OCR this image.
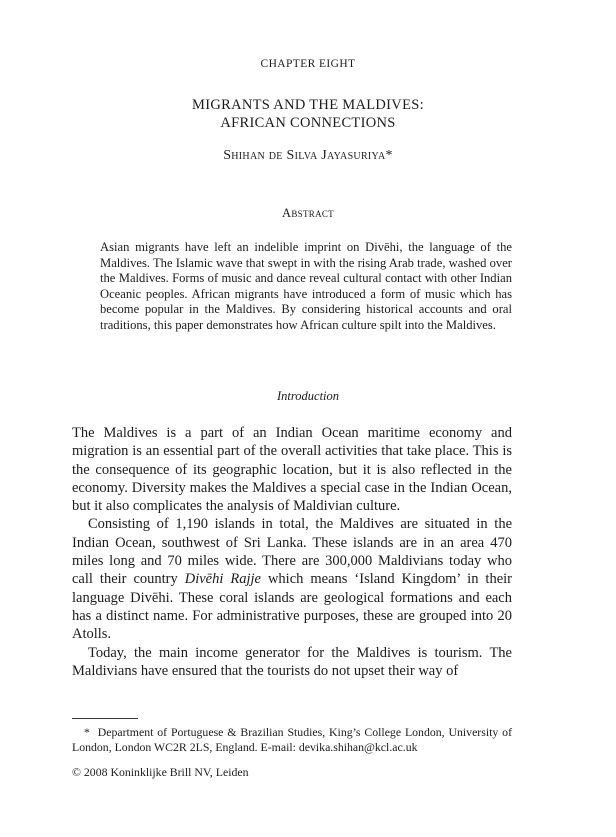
CHAPTER EIGHT
MIGRANTS AND THE MALDIVES:
AFRICAN CONNECTIONS
Shihan de Silva Jayasuriya*
Abstract
Asian migrants have left an indelible imprint on Divēhi, the language of the Maldives. The Islamic wave that swept in with the rising Arab trade, washed over the Maldives. Forms of music and dance reveal cultural contact with other Indian Oceanic peoples. African migrants have introduced a form of music which has become popular in the Maldives. By considering historical accounts and oral traditions, this paper demonstrates how African culture spilt into the Maldives.
Introduction

The Maldives is a part of an Indian Ocean maritime economy and migration is an essential part of the overall activities that take place. This is the consequence of its geographic location, but it is also reflected in the economy. Diversity makes the Maldives a special case in the Indian Ocean, but it also complicates the analysis of Maldivian culture.

Consisting of 1,190 islands in total, the Maldives are situated in the Indian Ocean, southwest of Sri Lanka. These islands are in an area 470 miles long and 70 miles wide. There are 300,000 Maldivians today who call their country Divēhi Rajje which means ‘Island Kingdom’ in their language Divēhi. These coral islands are geological formations and each has a distinct name. For administrative purposes, these are grouped into 20 Atolls.

Today, the main income generator for the Maldives is tourism. The Maldivians have ensured that the tourists do not upset their way of

* Department of Portuguese & Brazilian Studies, King’s College London, University of London, London WC2R 2LS, England. E-mail: devika.shihan@kcl.ac.uk
© 2008 Koninklijke Brill NV, Leiden
